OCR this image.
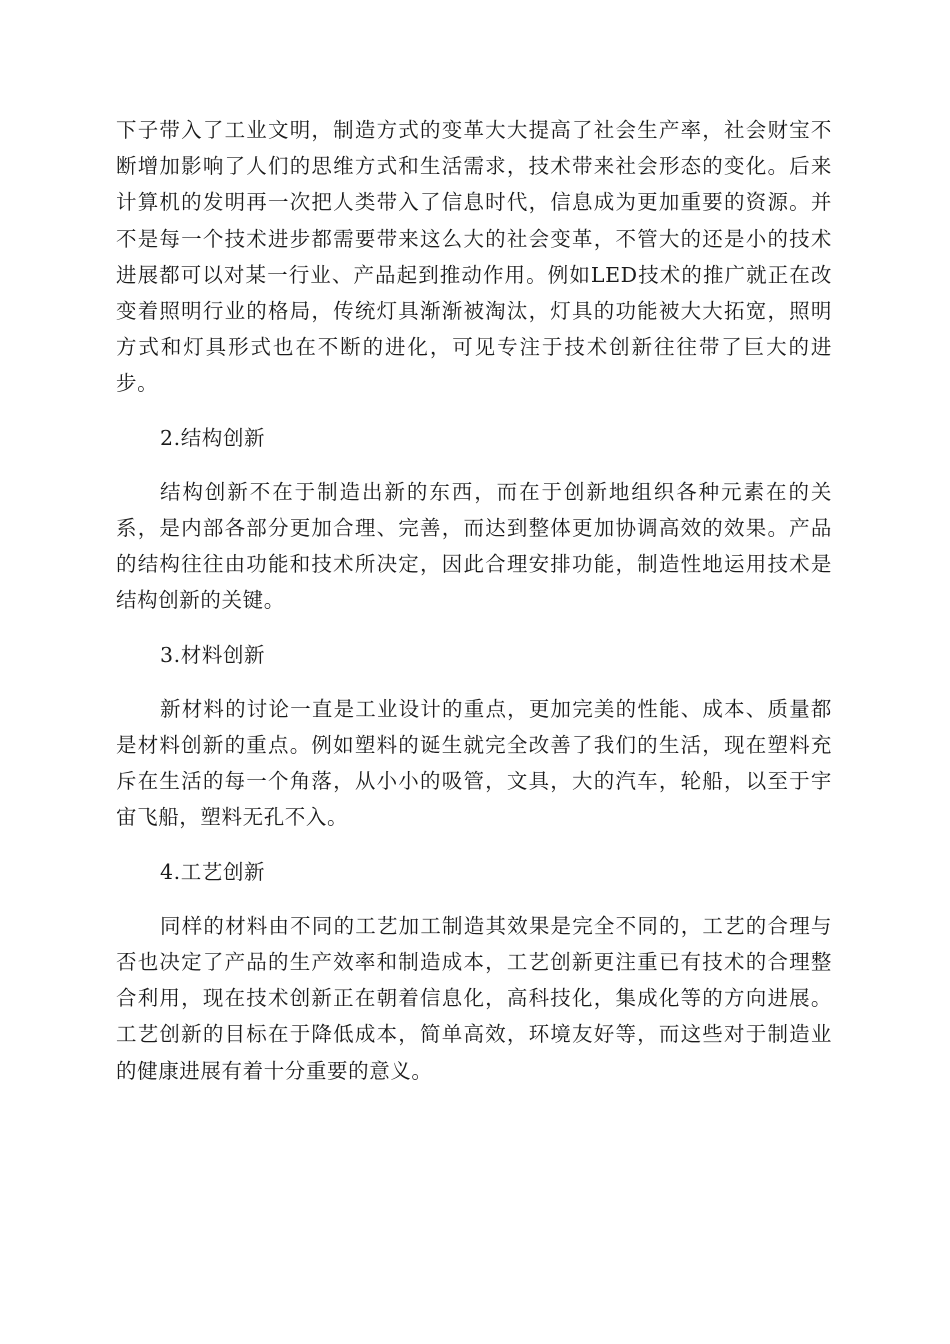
下子带入了工业文明，制造方式的变革大大提高了社会生产率，社会财宝不断增加影响了人们的思维方式和生活需求，技术带来社会形态的变化。后来计算机的发明再一次把人类带入了信息时代，信息成为更加重要的资源。并不是每一个技术进步都需要带来这么大的社会变革，不管大的还是小的技术进展都可以对某一行业、产品起到推动作用。例如LED技术的推广就正在改变着照明行业的格局，传统灯具渐渐被淘汰，灯具的功能被大大拓宽，照明方式和灯具形式也在不断的进化，可见专注于技术创新往往带了巨大的进步。

2.结构创新

结构创新不在于制造出新的东西，而在于创新地组织各种元素在的关系，是内部各部分更加合理、完善，而达到整体更加协调高效的效果。产品的结构往往由功能和技术所决定，因此合理安排功能，制造性地运用技术是结构创新的关键。

3.材料创新

新材料的讨论一直是工业设计的重点，更加完美的性能、成本、质量都是材料创新的重点。例如塑料的诞生就完全改善了我们的生活，现在塑料充斥在生活的每一个角落，从小小的吸管，文具，大的汽车，轮船，以至于宇宙飞船，塑料无孔不入。

4.工艺创新

同样的材料由不同的工艺加工制造其效果是完全不同的，工艺的合理与否也决定了产品的生产效率和制造成本，工艺创新更注重已有技术的合理整合利用，现在技术创新正在朝着信息化，高科技化，集成化等的方向进展。工艺创新的目标在于降低成本，简单高效，环境友好等，而这些对于制造业的健康进展有着十分重要的意义。
